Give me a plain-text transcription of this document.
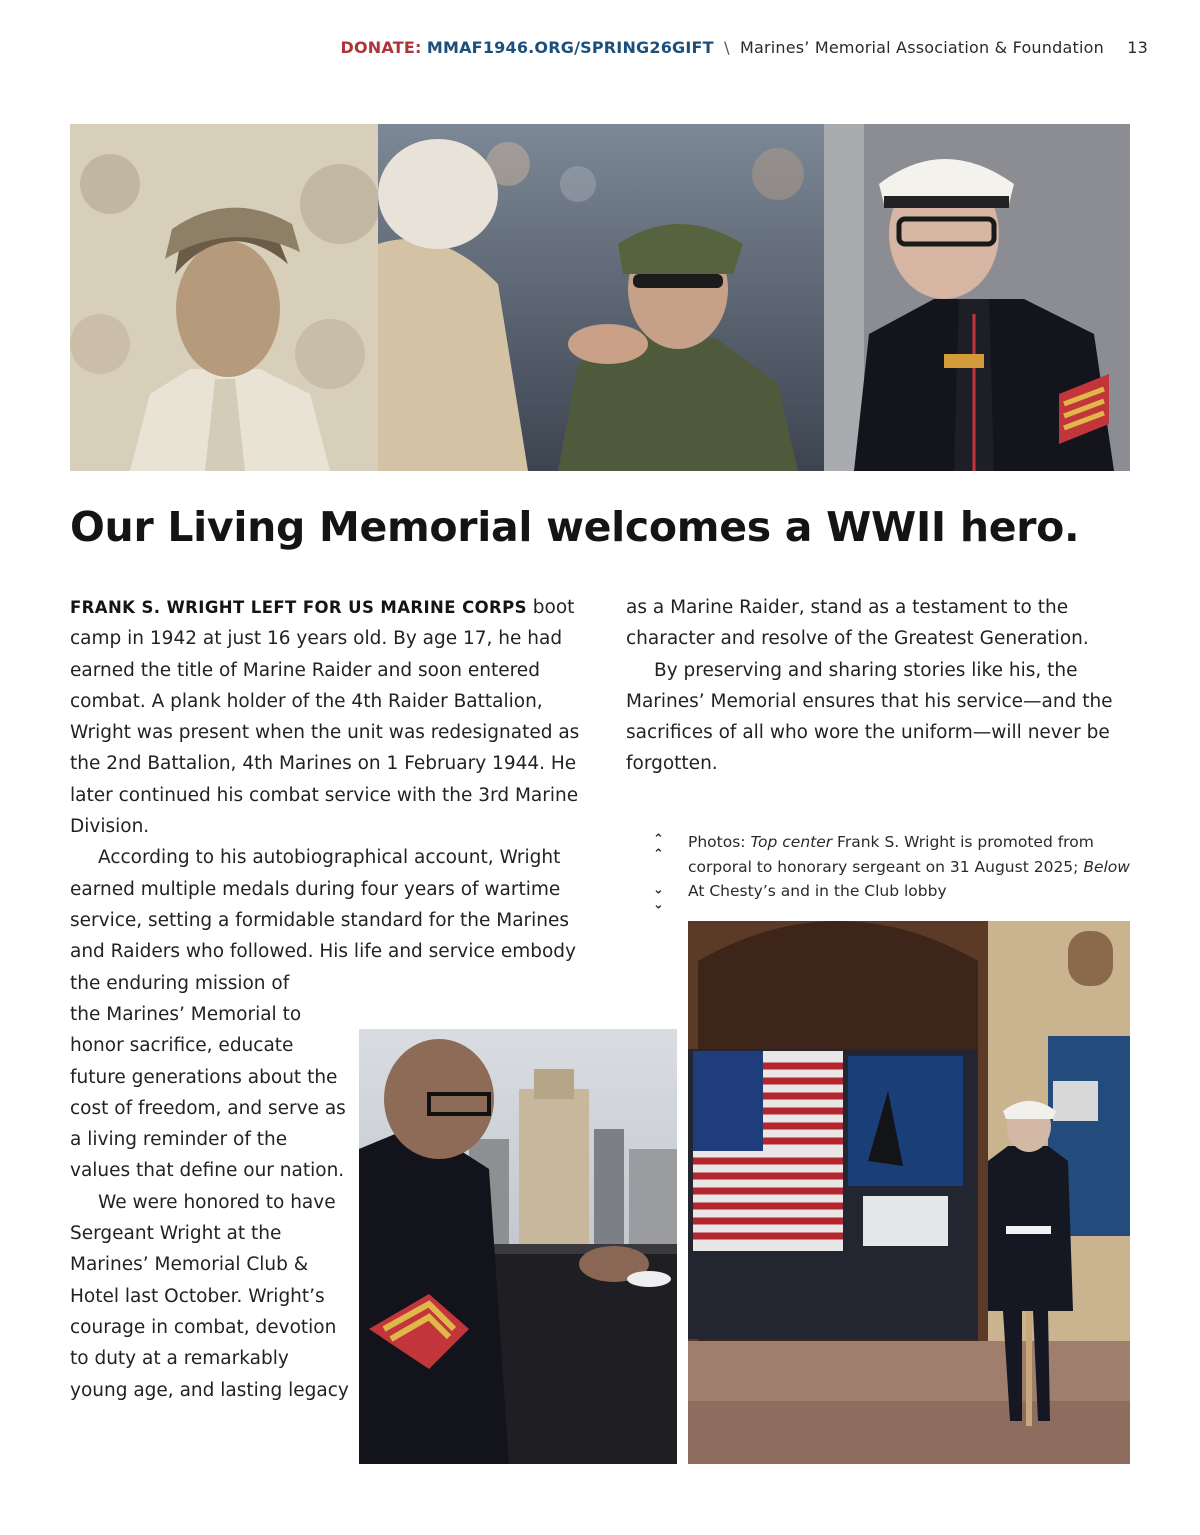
DONATE: MMAF1946.ORG/SPRING26GIFT \ Marines’ Memorial Association & Foundation 13
Our Living Memorial welcomes a WWII hero.

FRANK S. WRIGHT LEFT FOR US MARINE CORPS boot camp in 1942 at just 16 years old. By age 17, he had earned the title of Marine Raider and soon entered combat. A plank holder of the 4th Raider Battalion, Wright was present when the unit was redesignated as the 2nd Battalion, 4th Marines on 1 February 1944. He later continued his combat service with the 3rd Marine Division.

According to his autobiographical account, Wright earned multiple medals during four years of wartime service, setting a formidable standard for the Marines and Raiders who followed. His life and service embody the enduring mission of

the Marines’ Memorial to honor sacrifice, educate future generations about the cost of freedom, and serve as a living reminder of the values that define our nation.

We were honored to have Sergeant Wright at the Marines’ Memorial Club & Hotel last October. Wright’s courage in combat, devotion to duty at a remarkably young age, and lasting legacy

as a Marine Raider, stand as a testament to the character and resolve of the Greatest Generation.

By preserving and sharing stories like his, the Marines’ Memorial ensures that his service—and the sacrifices of all who wore the uniform—will never be forgotten.

⌃
⌃
⌃
⌃
Photos: Top center Frank S. Wright is promoted from corporal to honorary sergeant on 31 August 2025; Below At Chesty’s and in the Club lobby
